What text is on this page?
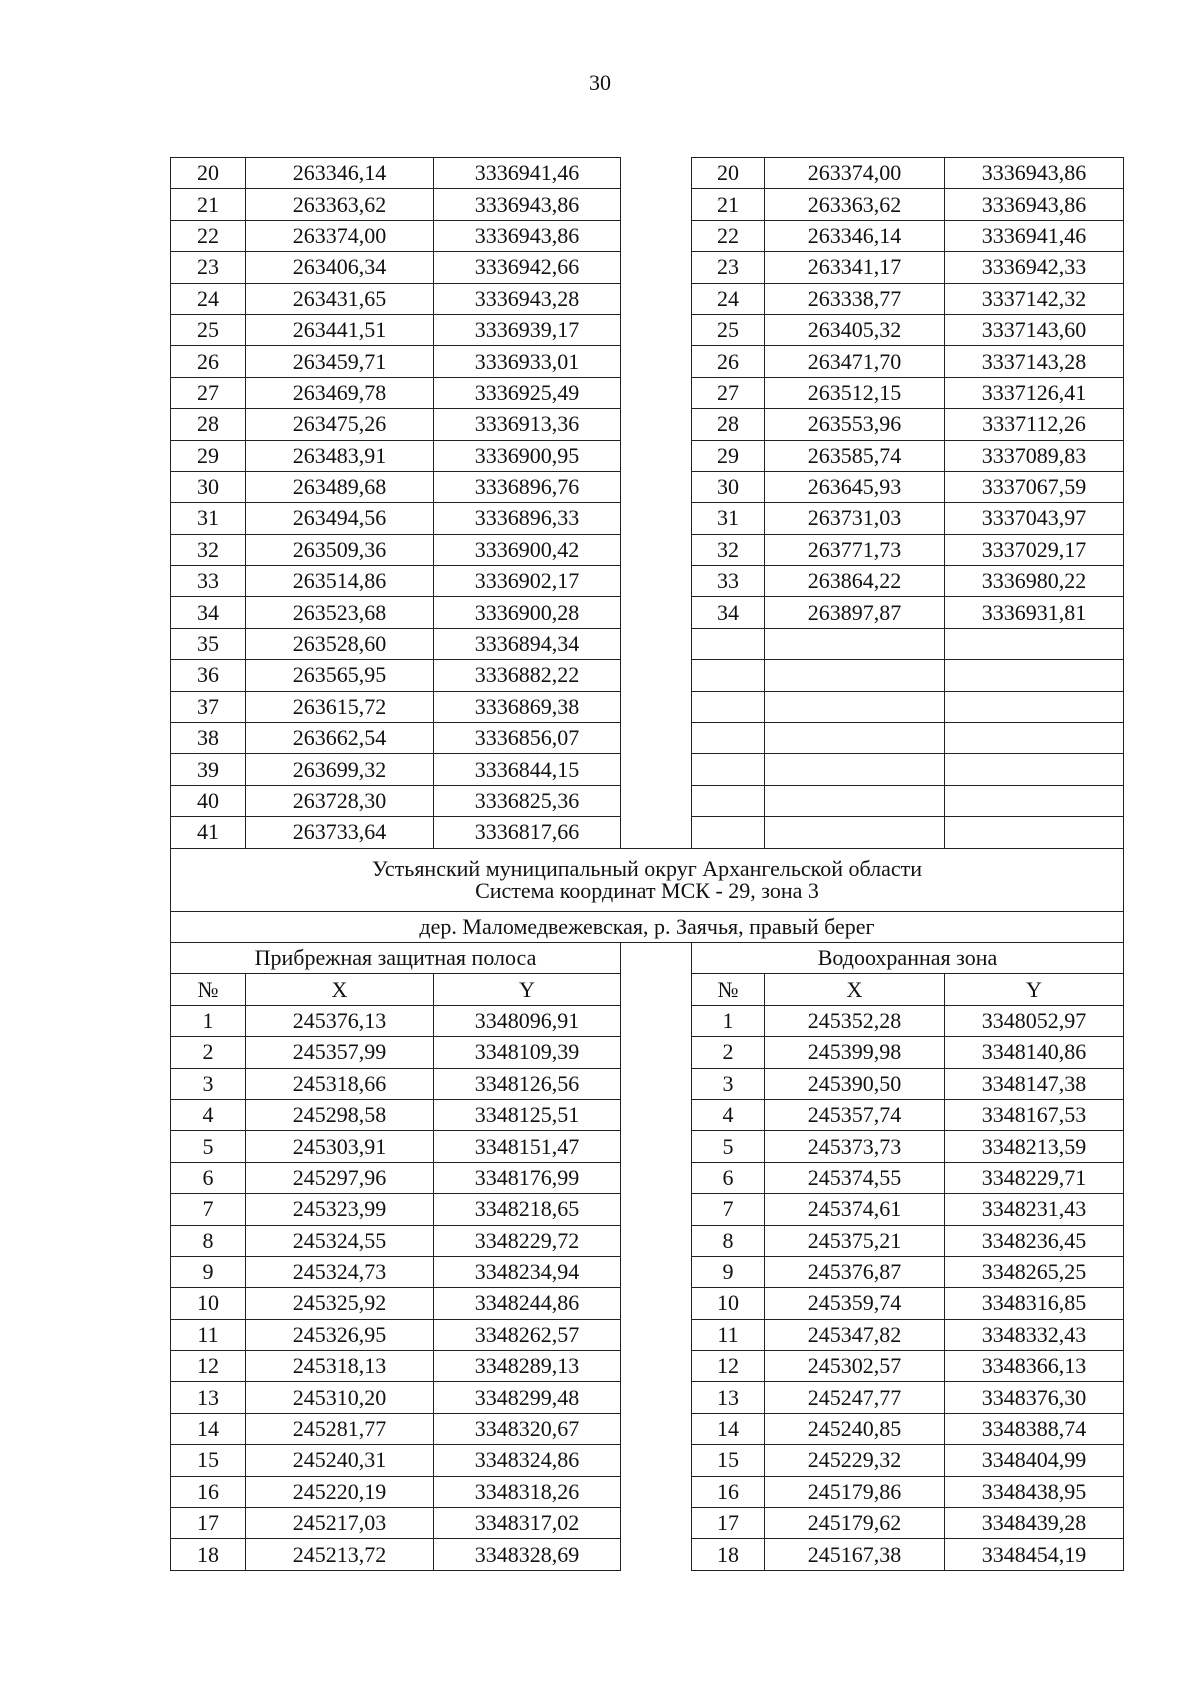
30
20	263346,14	3336941,46		20	263374,00	3336943,86
21	263363,62	3336943,86		21	263363,62	3336943,86
22	263374,00	3336943,86		22	263346,14	3336941,46
23	263406,34	3336942,66		23	263341,17	3336942,33
24	263431,65	3336943,28		24	263338,77	3337142,32
25	263441,51	3336939,17		25	263405,32	3337143,60
26	263459,71	3336933,01		26	263471,70	3337143,28
27	263469,78	3336925,49		27	263512,15	3337126,41
28	263475,26	3336913,36		28	263553,96	3337112,26
29	263483,91	3336900,95		29	263585,74	3337089,83
30	263489,68	3336896,76		30	263645,93	3337067,59
31	263494,56	3336896,33		31	263731,03	3337043,97
32	263509,36	3336900,42		32	263771,73	3337029,17
33	263514,86	3336902,17		33	263864,22	3336980,22
34	263523,68	3336900,28		34	263897,87	3336931,81
35	263528,60	3336894,34				
36	263565,95	3336882,22				
37	263615,72	3336869,38				
38	263662,54	3336856,07				
39	263699,32	3336844,15				
40	263728,30	3336825,36				
41	263733,64	3336817,66				

Устьянский муниципальный округ Архангельской области
Система координат МСК - 29, зона 3						

дер. Маломедвежевская, р. Заячья, правый берег						
Прибрежная защитная полоса				Водоохранная зона		
№	X	Y		№	X	Y
1	245376,13	3348096,91		1	245352,28	3348052,97
2	245357,99	3348109,39		2	245399,98	3348140,86
3	245318,66	3348126,56		3	245390,50	3348147,38
4	245298,58	3348125,51		4	245357,74	3348167,53
5	245303,91	3348151,47		5	245373,73	3348213,59
6	245297,96	3348176,99		6	245374,55	3348229,71
7	245323,99	3348218,65		7	245374,61	3348231,43
8	245324,55	3348229,72		8	245375,21	3348236,45
9	245324,73	3348234,94		9	245376,87	3348265,25
10	245325,92	3348244,86		10	245359,74	3348316,85
11	245326,95	3348262,57		11	245347,82	3348332,43
12	245318,13	3348289,13		12	245302,57	3348366,13
13	245310,20	3348299,48		13	245247,77	3348376,30
14	245281,77	3348320,67		14	245240,85	3348388,74
15	245240,31	3348324,86		15	245229,32	3348404,99
16	245220,19	3348318,26		16	245179,86	3348438,95
17	245217,03	3348317,02		17	245179,62	3348439,28
18	245213,72	3348328,69		18	245167,38	3348454,19
